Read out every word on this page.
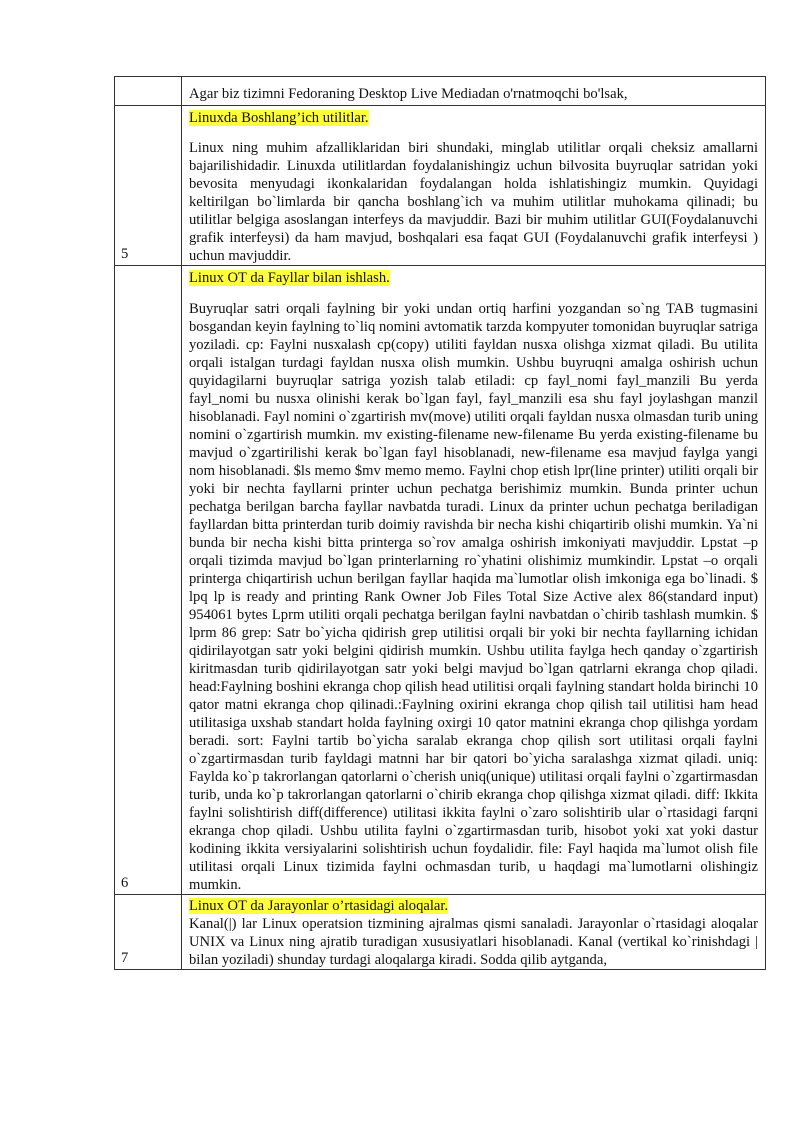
	Agar biz tizimni Fedoraning Desktop Live Mediadan o'rnatmoqchi bo'lsak,

5	Linuxda Boshlang’ich utilitlar.

Linux ning muhim afzalliklaridan biri shundaki, minglab utilitlar orqali cheksiz amallarni bajarilishidadir. Linuxda utilitlardan foydalanishingiz uchun bilvosita buyruqlar satridan yoki bevosita menyudagi ikonkalaridan foydalangan holda ishlatishingiz mumkin. Quyidagi keltirilgan bo`limlarda bir qancha boshlang`ich va muhim utilitlar muhokama qilinadi; bu utilitlar belgiga asoslangan interfeys da mavjuddir. Bazi bir muhim utilitlar GUI(Foydalanuvchi grafik interfeysi) da ham mavjud, boshqalari esa faqat GUI (Foydalanuvchi grafik interfeysi ) uchun mavjuddir.

6	Linux OT da Fayllar bilan ishlash.

Buyruqlar satri orqali faylning bir yoki undan ortiq harfini yozgandan so`ng TAB tugmasini bosgandan keyin faylning to`liq nomini avtomatik tarzda kompyuter tomonidan buyruqlar satriga yoziladi. cp: Faylni nusxalash cp(copy) utiliti fayldan nusxa olishga xizmat qiladi. Bu utilita orqali istalgan turdagi fayldan nusxa olish mumkin. Ushbu buyruqni amalga oshirish uchun quyidagilarni buyruqlar satriga yozish talab etiladi: cp fayl_nomi fayl_manzili Bu yerda fayl_nomi bu nusxa olinishi kerak bo`lgan fayl, fayl_manzili esa shu fayl joylashgan manzil hisoblanadi. Fayl nomini o`zgartirish mv(move) utiliti orqali fayldan nusxa olmasdan turib uning nomini o`zgartirish mumkin. mv existing-filename new-filename Bu yerda existing-filename bu mavjud o`zgartirilishi kerak bo`lgan fayl hisoblanadi, new-filename esa mavjud faylga yangi nom hisoblanadi. $ls memo $mv memo memo. Faylni chop etish lpr(line printer) utiliti orqali bir yoki bir nechta fayllarni printer uchun pechatga berishimiz mumkin. Bunda printer uchun pechatga berilgan barcha fayllar navbatda turadi. Linux da printer uchun pechatga beriladigan fayllardan bitta printerdan turib doimiy ravishda bir necha kishi chiqartirib olishi mumkin. Ya`ni bunda bir necha kishi bitta printerga so`rov amalga oshirish imkoniyati mavjuddir. Lpstat –p orqali tizimda mavjud bo`lgan printerlarning ro`yhatini olishimiz mumkindir. Lpstat –o orqali printerga chiqartirish uchun berilgan fayllar haqida ma`lumotlar olish imkoniga ega bo`linadi. $ lpq lp is ready and printing Rank Owner Job Files Total Size Active alex 86(standard input) 954061 bytes Lprm utiliti orqali pechatga berilgan faylni navbatdan o`chirib tashlash mumkin. $ lprm 86 grep: Satr bo`yicha qidirish grep utilitisi orqali bir yoki bir nechta fayllarning ichidan qidirilayotgan satr yoki belgini qidirish mumkin. Ushbu utilita faylga hech qanday o`zgartirish kiritmasdan turib qidirilayotgan satr yoki belgi mavjud bo`lgan qatrlarni ekranga chop qiladi. head:Faylning boshini ekranga chop qilish head utilitisi orqali faylning standart holda birinchi 10 qator matni ekranga chop qilinadi.:Faylning oxirini ekranga chop qilish tail utilitisi ham head utilitasiga uxshab standart holda faylning oxirgi 10 qator matnini ekranga chop qilishga yordam beradi. sort: Faylni tartib bo`yicha saralab ekranga chop qilish sort utilitasi orqali faylni o`zgartirmasdan turib fayldagi matnni har bir qatori bo`yicha saralashga xizmat qiladi. uniq: Faylda ko`p takrorlangan qatorlarni o`cherish uniq(unique) utilitasi orqali faylni o`zgartirmasdan turib, unda ko`p takrorlangan qatorlarni o`chirib ekranga chop qilishga xizmat qiladi. diff: Ikkita faylni solishtirish diff(difference) utilitasi ikkita faylni o`zaro solishtirib ular o`rtasidagi farqni ekranga chop qiladi. Ushbu utilita faylni o`zgartirmasdan turib, hisobot yoki xat yoki dastur kodining ikkita versiyalarini solishtirish uchun foydalidir. file: Fayl haqida ma`lumot olish file utilitasi orqali Linux tizimida faylni ochmasdan turib, u haqdagi ma`lumotlarni olishingiz mumkin.

7	Linux OT da Jarayonlar o’rtasidagi aloqalar.

Kanal(|) lar Linux operatsion tizmining ajralmas qismi sanaladi. Jarayonlar o`rtasidagi aloqalar UNIX va Linux ning ajratib turadigan xususiyatlari hisoblanadi. Kanal (vertikal ko`rinishdagi | bilan yoziladi) shunday turdagi aloqalarga kiradi. Sodda qilib aytganda,
